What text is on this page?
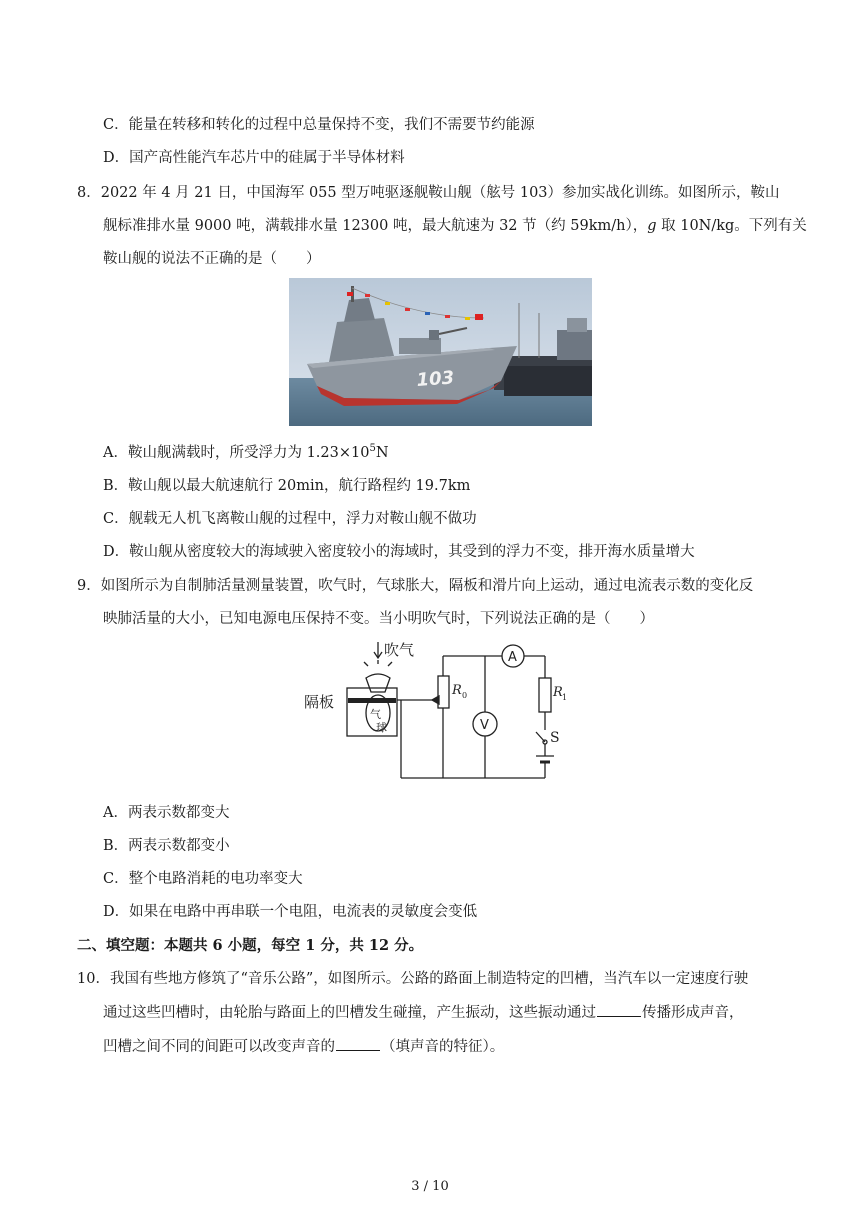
C．能量在转移和转化的过程中总量保持不变，我们不需要节约能源
D．国产高性能汽车芯片中的硅属于半导体材料
8．2022 年 4 月 21 日，中国海军 055 型万吨驱逐舰鞍山舰（舷号 103）参加实战化训练。如图所示，鞍山
舰标准排水量 9000 吨，满载排水量 12300 吨，最大航速为 32 节（约 59km/h），g 取 10N/kg。下列有关
鞍山舰的说法不正确的是（　　）
103
A．鞍山舰满载时，所受浮力为 $1.23\times 10^5N$
B．鞍山舰以最大航速航行 20min，航行路程约 19.7km
C．舰载无人机飞离鞍山舰的过程中，浮力对鞍山舰不做功
D．鞍山舰从密度较大的海域驶入密度较小的海域时，其受到的浮力不变，排开海水质量增大
9．如图所示为自制肺活量测量装置，吹气时，气球胀大，隔板和滑片向上运动，通过电流表示数的变化反
映肺活量的大小，已知电源电压保持不变。当小明吹气时，下列说法正确的是（　　）
吹气
隔板
气
球
A
V
R 0	R 1
S
A．两表示数都变大
B．两表示数都变小
C．整个电路消耗的电功率变大
D．如果在电路中再串联一个电阻，电流表的灵敏度会变低
二、填空题：本题共 6 小题，每空 1 分，共 12 分。
10．我国有些地方修筑了“音乐公路”，如图所示。公路的路面上制造特定的凹槽，当汽车以一定速度行驶
通过这些凹槽时，由轮胎与路面上的凹槽发生碰撞，产生振动，这些振动通过	传播形成声音，
凹槽之间不同的间距可以改变声音的	（填声音的特征）。
3 / 10
